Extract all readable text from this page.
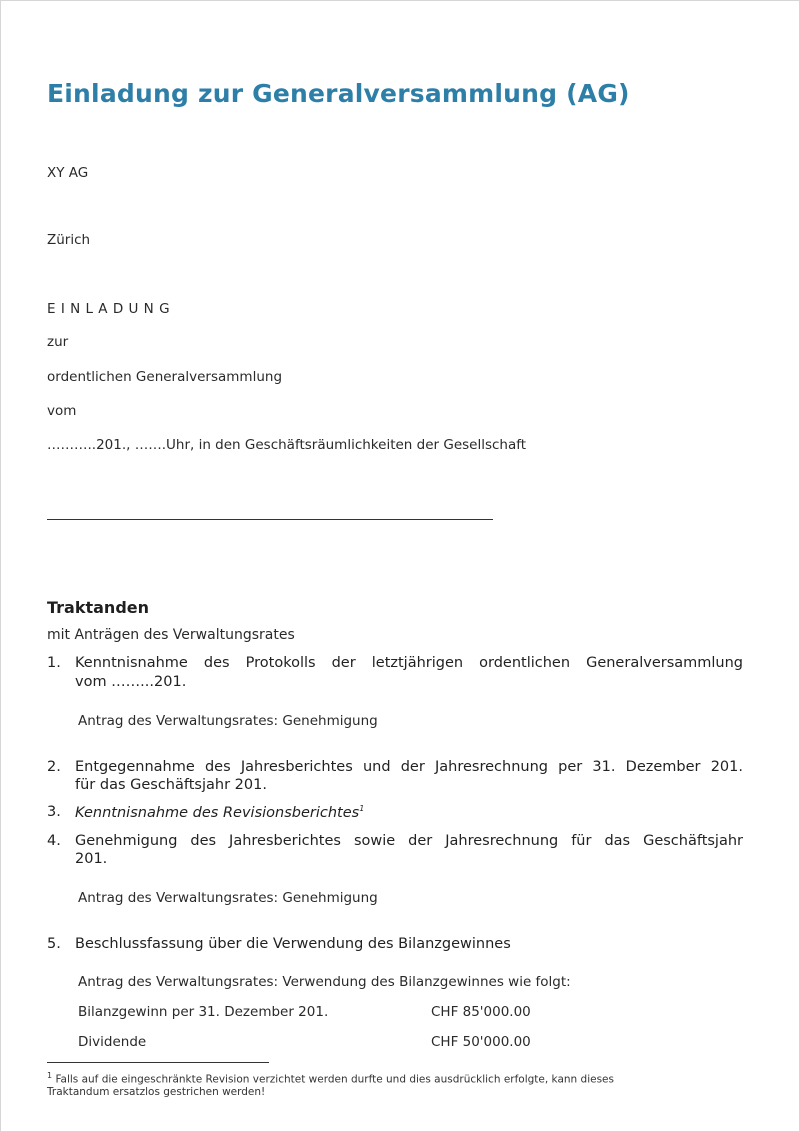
Einladung zur Generalversammlung (AG)
XY AG
Zürich
E I N L A D U N G
zur
ordentlichen Generalversammlung
vom
………..201., …….Uhr, in den Geschäftsräumlichkeiten der Gesellschaft
Traktanden
mit Anträgen des Verwaltungsrates
1. Kenntnisnahme des Protokolls der letztjährigen ordentlichen Generalversammlung
vom ……...201.
Antrag des Verwaltungsrates: Genehmigung
2. Entgegennahme des Jahresberichtes und der Jahresrechnung per 31. Dezember 201.
für das Geschäftsjahr 201.
3. Kenntnisnahme des Revisionsberichtes$^1$
4. Genehmigung des Jahresberichtes sowie der Jahresrechnung für das Geschäftsjahr
201.
Antrag des Verwaltungsrates: Genehmigung
5. Beschlussfassung über die Verwendung des Bilanzgewinnes
Antrag des Verwaltungsrates: Verwendung des Bilanzgewinnes wie folgt:
Bilanzgewinn per 31. Dezember 201.	CHF 85'000.00
Dividende	CHF 50'000.00
$^1$ Falls auf die eingeschränkte Revision verzichtet werden durfte und dies ausdrücklich erfolgte, kann dieses
Traktandum ersatzlos gestrichen werden!
